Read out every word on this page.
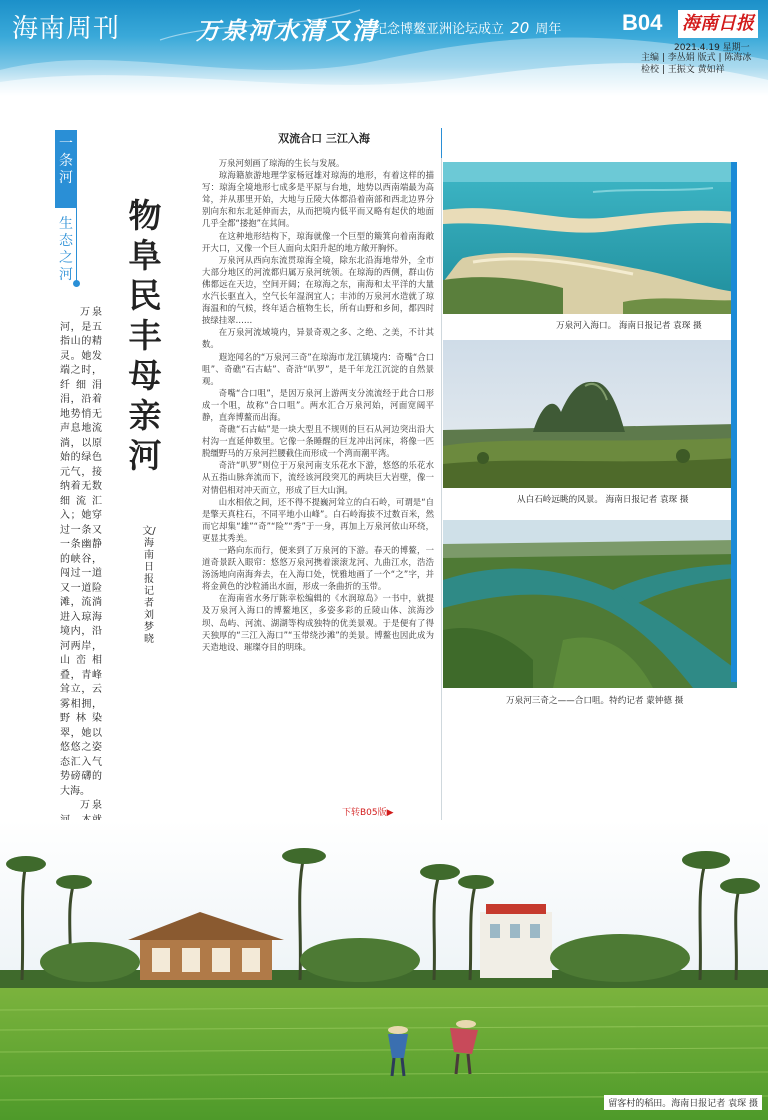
海南周刊	万泉河水清又清
纪念博鳌亚洲论坛成立 20 周年	B04 海南日报
2021.4.19 星期一
主编 | 李丛娟 版式 | 陈海冰 检校 | 王振文 黄如祥
一条河
生态之河

万泉河，是五指山的精灵。她发端之时，纤细涓涓，沿着地势悄无声息地流淌，以原始的绿色元气，接纳着无数细流汇入；她穿过一条又一条幽静的峡谷，闯过一道又一道险滩，流淌进入琼海境内，沿河两岸，山峦相叠，青峰耸立，云雾相拥，野林染翠，她以悠悠之姿态汇入气势磅礴的大海。

万泉

物阜民丰母亲河
文/海南日报记者 刘梦晓
双流合口 三江入海

万泉河刻画了琼海的生长与发展。

琼海籍旅游地理学家杨冠雄对琼海的地形，有着这样的描写：琼海全境地形七成多是平原与台地，地势以西南端最为高耸，并从那里开始，大地与丘陵大体都沿着南部和西北边界分别向东和东北延伸而去，从而把境内低平而又略有起伏的地面几乎全都“搂抱”在其间。

在这种地形结构下，琼海就像一个巨型的簸箕向着南海敞开大口，又像一个巨人面向太阳升起的地方敞开胸怀。

万泉河从西向东流贯琼海全境，除东北沿海地带外，全市大部分地区的河流都归属万泉河统领。在琼海的西侧，群山仿佛都远在天边，空间开阔；在琼海之东，南海和太平洋的大量水汽长驱直入，空气长年湿润宜人；丰沛的万泉河水造就了琼海温和的气候，终年适合植物生长，所有山野和乡间，都四时披绿挂翠……

在万泉河流域境内，异景奇观之多、之绝、之美，不计其数。

遐迩闻名的“万泉河三奇”在琼海市龙江镇境内：奇嘴“合口咀”、奇礁“石古岵”、奇浒“叭罗”，是千年龙江沉淀的自然景观。

奇嘴“合口咀”，是因万泉河上游两支分流流经于此合口形成一个咀，故称“合口咀”。两水汇合万泉河始，河面宽阔平静，直奔博鳌而出海。

奇礁“石古岵”是一块大型且不规则的巨石从河边突出沿大村沟一直延伸数里。它像一条睡醒的巨龙冲出河床，将像一匹脱缰野马的万泉河拦腰截住而形成一个湾而潮平湾。

奇浒“叭罗”则位于万泉河南支乐花水下游，悠悠的乐花水从五指山脉奔流而下，流经该河段突兀的两块巨大岩壁，像一对情侣相对冲天而立，形成了巨大山涧。

山水相依之间，还不得不提巍河耸立的白石岭，可谓是“自是擎天真柱石，不同平地小山峰”。白石岭海拔不过数百米，然而它却集“雄”“奇”“险”“秀”于一身，再加上万泉河依山环绕，更显其秀美。

一路向东而行，便来到了万泉河的下游。春天的博鳌，一道奇景跃入眼帘：悠悠万泉河携着滚滚龙河、九曲江水，浩浩汤汤地向南海奔去，在入海口处，恍雅地画了一个“之”字，并将金黄色的沙粒涌出水面，形成一条曲折的玉带。

在海南省水务厅陈幸松编辑的《水润琼岛》一书中，就提及万泉河入海口的博鳌地区，多姿多彩的丘陵山体、滨海沙坝、岛屿、河流、湖湖等构成独特的优美景观。于是便有了得天独厚的“三江入海口”“玉带绕沙滩”的美景。博鳌也因此成为天造地设、璀璨夺目的明珠。

下转B05版▶
万泉河入海口。 海南日报记者 袁琛 摄
从白石岭远眺的风景。 海南日报记者 袁琛 摄
万泉河三奇之——合口咀。特约记者 蒙钟德 摄
留客村的稻田。海南日报记者 袁琛 摄
